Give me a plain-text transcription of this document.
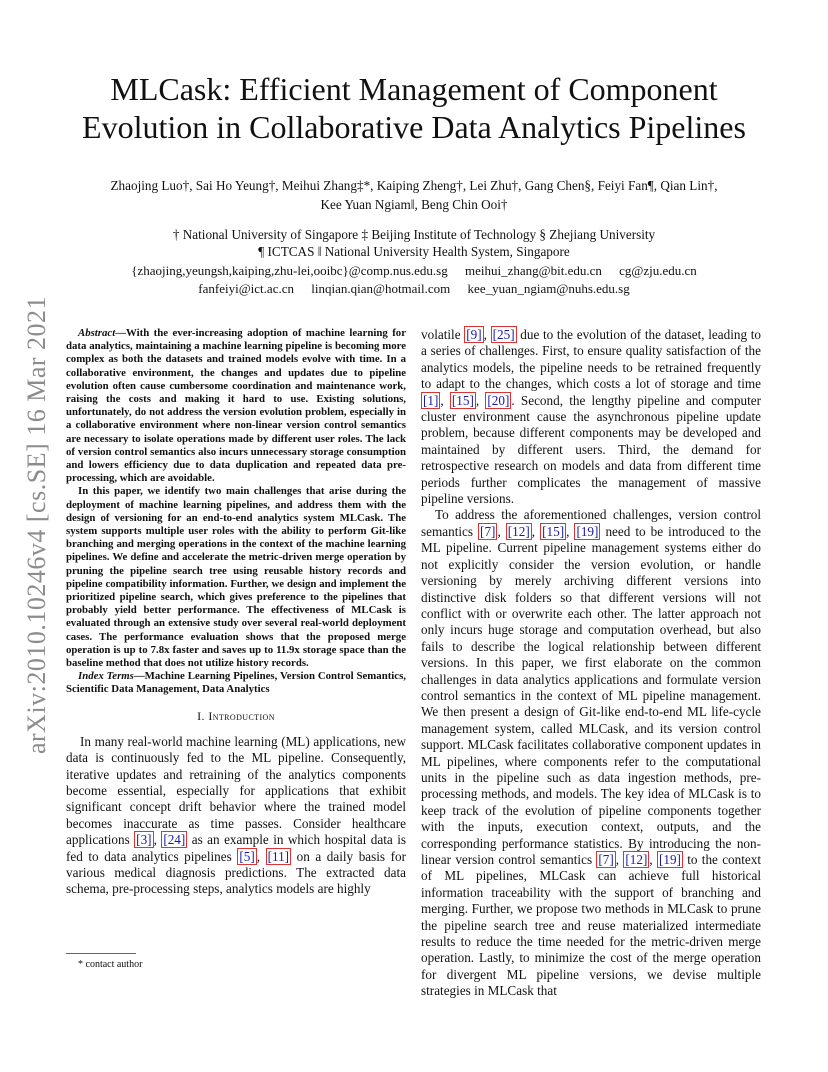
arXiv:2010.10246v4 [cs.SE] 16 Mar 2021
MLCask: Efficient Management of Component
Evolution in Collaborative Data Analytics Pipelines
Zhaojing Luo†, Sai Ho Yeung†, Meihui Zhang‡*, Kaiping Zheng†, Lei Zhu†, Gang Chen§, Feiyi Fan¶, Qian Lin†,
Kee Yuan Ngiam‖, Beng Chin Ooi†
† National University of Singapore ‡ Beijing Institute of Technology § Zhejiang University
¶ ICTCAS ‖ National University Health System, Singapore
{zhaojing,yeungsh,kaiping,zhu-lei,ooibc}@comp.nus.edu.sg meihui_zhang@bit.edu.cn cg@zju.edu.cn
fanfeiyi@ict.ac.cn linqian.qian@hotmail.com kee_yuan_ngiam@nuhs.edu.sg

Abstract—With the ever-increasing adoption of machine learning for data analytics, maintaining a machine learning pipeline is becoming more complex as both the datasets and trained models evolve with time. In a collaborative environment, the changes and updates due to pipeline evolution often cause cumbersome coordination and maintenance work, raising the costs and making it hard to use. Existing solutions, unfortunately, do not address the version evolution problem, especially in a collaborative environment where non-linear version control semantics are necessary to isolate operations made by different user roles. The lack of version control semantics also incurs unnecessary storage consumption and lowers efficiency due to data duplication and repeated data pre-processing, which are avoidable.

In this paper, we identify two main challenges that arise during the deployment of machine learning pipelines, and address them with the design of versioning for an end-to-end analytics system MLCask. The system supports multiple user roles with the ability to perform Git-like branching and merging operations in the context of the machine learning pipelines. We define and accelerate the metric-driven merge operation by pruning the pipeline search tree using reusable history records and pipeline compatibility information. Further, we design and implement the prioritized pipeline search, which gives preference to the pipelines that probably yield better performance. The effectiveness of MLCask is evaluated through an extensive study over several real-world deployment cases. The performance evaluation shows that the proposed merge operation is up to 7.8x faster and saves up to 11.9x storage space than the baseline method that does not utilize history records.

Index Terms—Machine Learning Pipelines, Version Control Semantics, Scientific Data Management, Data Analytics

I. Introduction

In many real-world machine learning (ML) applications, new data is continuously fed to the ML pipeline. Consequently, iterative updates and retraining of the analytics components become essential, especially for applications that exhibit significant concept drift behavior where the trained model becomes inaccurate as time passes. Consider healthcare applications [3] , [24] as an example in which hospital data is fed to data analytics pipelines [5] , [11] on a daily basis for various medical diagnosis predictions. The extracted data schema, pre-processing steps, analytics models are highly

* contact author

volatile [9] , [25] due to the evolution of the dataset, leading to a series of challenges. First, to ensure quality satisfaction of the analytics models, the pipeline needs to be retrained frequently to adapt to the changes, which costs a lot of storage and time [1] , [15] , [20] . Second, the lengthy pipeline and computer cluster environment cause the asynchronous pipeline update problem, because different components may be developed and maintained by different users. Third, the demand for retrospective research on models and data from different time periods further complicates the management of massive pipeline versions.

To address the aforementioned challenges, version control semantics [7] , [12] , [15] , [19] need to be introduced to the ML pipeline. Current pipeline management systems either do not explicitly consider the version evolution, or handle versioning by merely archiving different versions into distinctive disk folders so that different versions will not conflict with or overwrite each other. The latter approach not only incurs huge storage and computation overhead, but also fails to describe the logical relationship between different versions. In this paper, we first elaborate on the common challenges in data analytics applications and formulate version control semantics in the context of ML pipeline management. We then present a design of Git-like end-to-end ML life-cycle management system, called MLCask, and its version control support. MLCask facilitates collaborative component updates in ML pipelines, where components refer to the computational units in the pipeline such as data ingestion methods, pre-processing methods, and models. The key idea of MLCask is to keep track of the evolution of pipeline components together with the inputs, execution context, outputs, and the corresponding performance statistics. By introducing the non-linear version control semantics [7] , [12] , [19] to the context of ML pipelines, MLCask can achieve full historical information traceability with the support of branching and merging. Further, we propose two methods in MLCask to prune the pipeline search tree and reuse materialized intermediate results to reduce the time needed for the metric-driven merge operation. Lastly, to minimize the cost of the merge operation for divergent ML pipeline versions, we devise multiple strategies in MLCask that
